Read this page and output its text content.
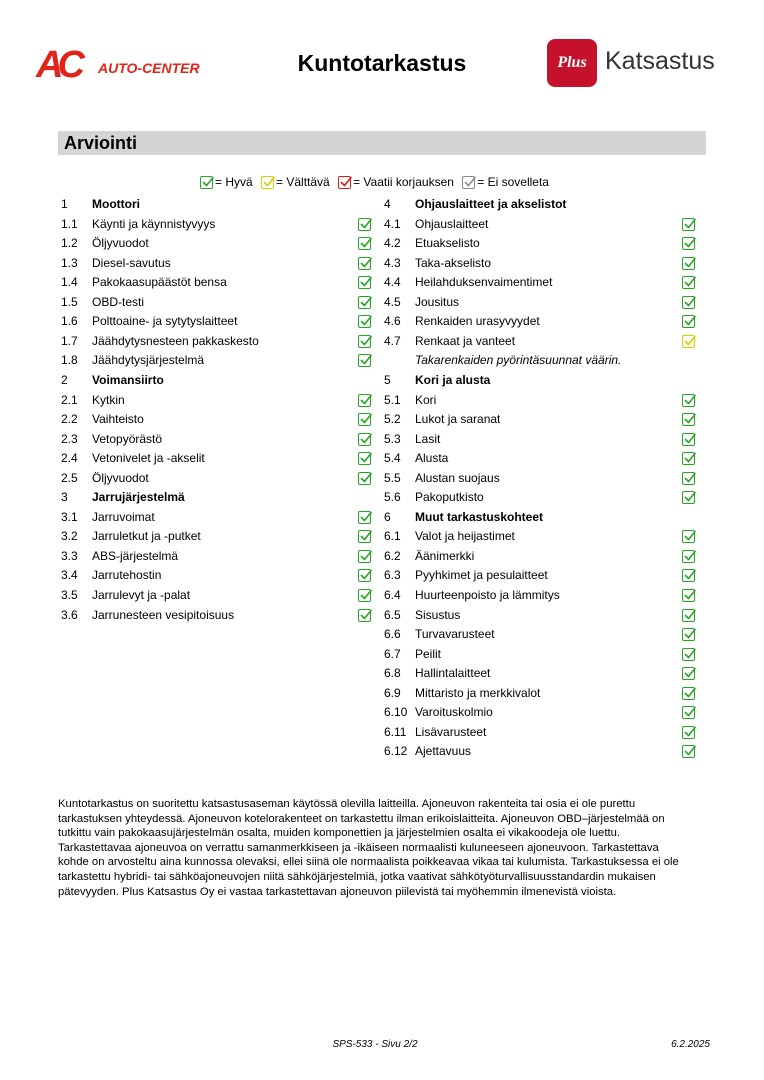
AC AUTO-CENTER	Kuntotarkastus	Plus Katsastus
Arviointi
= Hyvä
= Välttävä
= Vaatii korjauksen
= Ei sovelleta
1 Moottori
1.1 Käynti ja käynnistyvyys
1.2 Öljyvuodot
1.3 Diesel-savutus
1.4 Pakokaasupäästöt bensa
1.5 OBD-testi
1.6 Polttoaine- ja sytytyslaitteet
1.7 Jäähdytysnesteen pakkaskesto
1.8 Jäähdytysjärjestelmä
2 Voimansiirto
2.1 Kytkin
2.2 Vaihteisto
2.3 Vetopyörästö
2.4 Vetonivelet ja -akselit
2.5 Öljyvuodot
3 Jarrujärjestelmä
3.1 Jarruvoimat
3.2 Jarruletkut ja -putket
3.3 ABS-järjestelmä
3.4 Jarrutehostin
3.5 Jarrulevyt ja -palat
3.6 Jarrunesteen vesipitoisuus
4 Ohjauslaitteet ja akselistot
4.1 Ohjauslaitteet
4.2 Etuakselisto
4.3 Taka-akselisto
4.4 Heilahduksenvaimentimet
4.5 Jousitus
4.6 Renkaiden urasyvyydet
4.7 Renkaat ja vanteet
Takarenkaiden pyörintäsuunnat väärin.
5 Kori ja alusta
5.1 Kori
5.2 Lukot ja saranat
5.3 Lasit
5.4 Alusta
5.5 Alustan suojaus
5.6 Pakoputkisto
6 Muut tarkastuskohteet
6.1 Valot ja heijastimet
6.2 Äänimerkki
6.3 Pyyhkimet ja pesulaitteet
6.4 Huurteenpoisto ja lämmitys
6.5 Sisustus
6.6 Turvavarusteet
6.7 Peilit
6.8 Hallintalaitteet
6.9 Mittaristo ja merkkivalot
6.10 Varoituskolmio
6.11 Lisävarusteet
6.12 Ajettavuus
Kuntotarkastus on suoritettu katsastusaseman käytössä olevilla laitteilla. Ajoneuvon rakenteita tai osia ei ole purettu
tarkastuksen yhteydessä. Ajoneuvon kotelorakenteet on tarkastettu ilman erikoislaitteita. Ajoneuvon OBD–järjestelmää on
tutkittu vain pakokaasujärjestelmän osalta, muiden komponettien ja järjestelmien osalta ei vikakoodeja ole luettu.
Tarkastettavaa ajoneuvoa on verrattu samanmerkkiseen ja -ikäiseen normaalisti kuluneeseen ajoneuvoon. Tarkastettava
kohde on arvosteltu aina kunnossa olevaksi, ellei siinä ole normaalista poikkeavaa vikaa tai kulumista. Tarkastuksessa ei ole
tarkastettu hybridi- tai sähköajoneuvojen niitä sähköjärjestelmiä, jotka vaativat sähkötyöturvallisuusstandardin mukaisen
pätevyyden. Plus Katsastus Oy ei vastaa tarkastettavan ajoneuvon piilevistä tai myöhemmin ilmenevistä vioista.
SPS-533 - Sivu 2/2	6.2.2025
